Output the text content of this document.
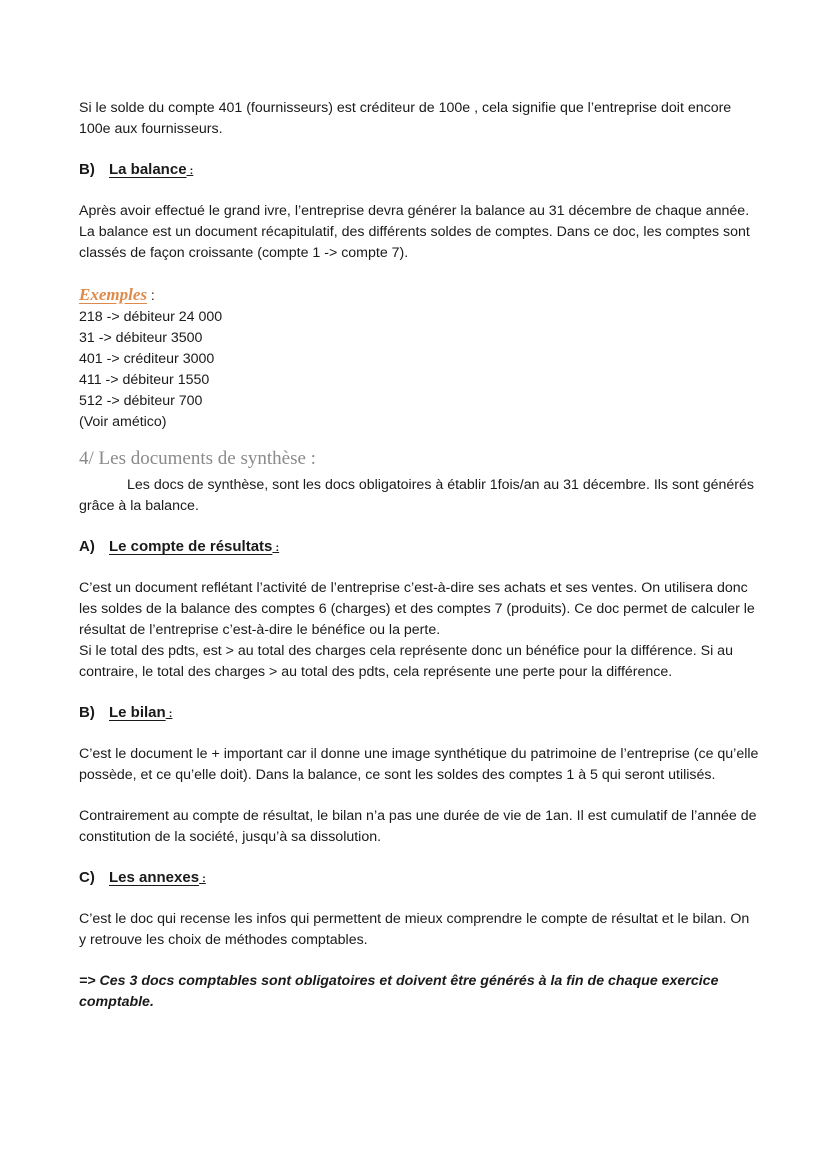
Si le solde du compte 401 (fournisseurs) est créditeur de 100e , cela signifie que l’entreprise doit encore 100e aux fournisseurs.

B) La balance :

Après avoir effectué le grand ivre, l’entreprise devra générer la balance au 31 décembre de chaque année. La balance est un document récapitulatif, des différents soldes de comptes. Dans ce doc, les comptes sont classés de façon croissante (compte 1 -> compte 7).

Exemples :

218 -> débiteur 24 000

31 -> débiteur 3500

401 -> créditeur 3000

411 -> débiteur 1550

512 -> débiteur 700

(Voir amético)

4/ Les documents de synthèse :

Les docs de synthèse, sont les docs obligatoires à établir 1fois/an au 31 décembre. Ils sont générés grâce à la balance.

A) Le compte de résultats :

C’est un document reflétant l’activité de l’entreprise c’est-à-dire ses achats et ses ventes. On utilisera donc les soldes de la balance des comptes 6 (charges) et des comptes 7 (produits). Ce doc permet de calculer le résultat de l’entreprise c’est-à-dire le bénéfice ou la perte.

Si le total des pdts, est > au total des charges cela représente donc un bénéfice pour la différence. Si au contraire, le total des charges > au total des pdts, cela représente une perte pour la différence.

B) Le bilan :

C’est le document le + important car il donne une image synthétique du patrimoine de l’entreprise (ce qu’elle possède, et ce qu’elle doit). Dans la balance, ce sont les soldes des comptes 1 à 5 qui seront utilisés.

Contrairement au compte de résultat, le bilan n’a pas une durée de vie de 1an. Il est cumulatif de l’année de constitution de la société, jusqu’à sa dissolution.

C) Les annexes :

C’est le doc qui recense les infos qui permettent de mieux comprendre le compte de résultat et le bilan. On y retrouve les choix de méthodes comptables.

=> Ces 3 docs comptables sont obligatoires et doivent être générés à la fin de chaque exercice comptable.
